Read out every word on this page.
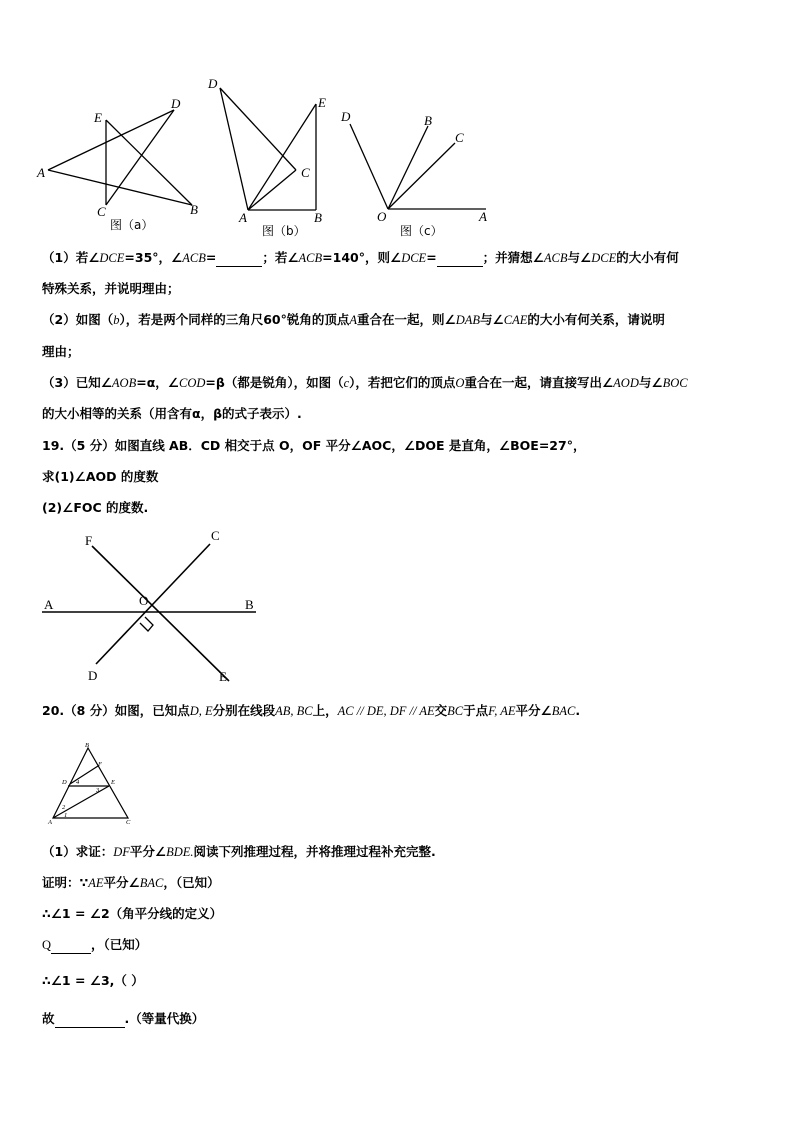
A
B
C
D
E
图（a）	A	B
C
D
E
图（b）
O	A
B
C
D
图（c）
（1）若∠DCE=35°，∠ACB=	；若∠ACB=140°，则∠DCE=	；并猜想∠ACB与∠DCE的大小有何
特殊关系，并说明理由；
（2）如图（b），若是两个同样的三角尺60°锐角的顶点A重合在一起，则∠DAB与∠CAE的大小有何关系，请说明
理由；
（3）已知∠AOB=α，∠COD=β（都是锐角），如图（c），若把它们的顶点O重合在一起，请直接写出∠AOD与∠BOC
的大小相等的关系（用含有α，β的式子表示）.
19.（5 分）如图直线 AB．CD 相交于点 O，OF 平分∠AOC，∠DOE 是直角，∠BOE=27°，
求(1)∠AOD 的度数
(2)∠FOC 的度数.
A	B
C
D	E
F
O
20.（8 分）如图，已知点D, E分别在线段AB, BC上，AC // DE, DF // AE交BC于点F, AE平分∠BAC.
B
F
D	E
A	C
4
3
2
1
（1）求证：DF平分∠BDE.阅读下列推理过程，并将推理过程补充完整.
证明：∵AE平分∠BAC，（已知）
∴∠1 = ∠2（角平分线的定义）
Q	，（已知）
∴∠1 = ∠3,（ ）
故	.（等量代换）
